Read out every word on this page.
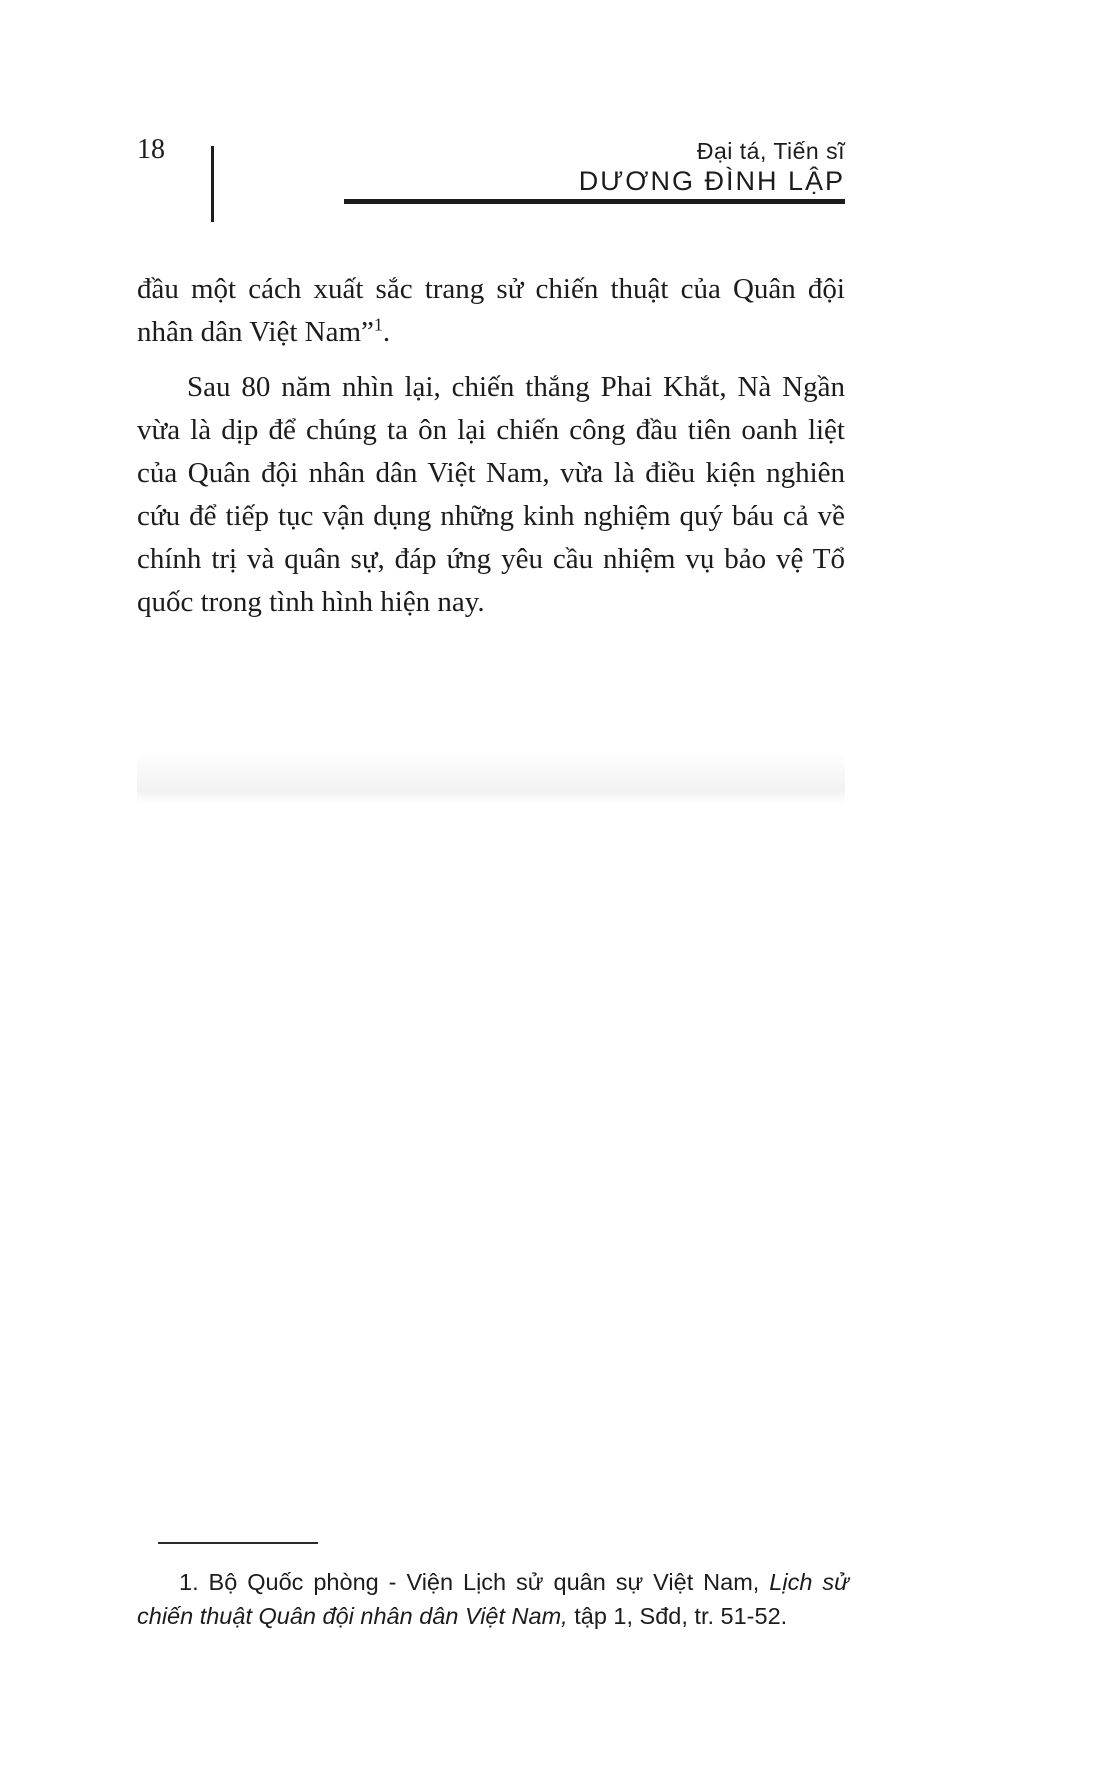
18	Đại tá, Tiến sĩ
DƯƠNG ĐÌNH LẬP

đầu một cách xuất sắc trang sử chiến thuật của Quân đội nhân dân Việt Nam”$^1$.

Sau 80 năm nhìn lại, chiến thắng Phai Khắt, Nà Ngần vừa là dịp để chúng ta ôn lại chiến công đầu tiên oanh liệt của Quân đội nhân dân Việt Nam, vừa là điều kiện nghiên cứu để tiếp tục vận dụng những kinh nghiệm quý báu cả về chính trị và quân sự, đáp ứng yêu cầu nhiệm vụ bảo vệ Tổ quốc trong tình hình hiện nay.

1. Bộ Quốc phòng - Viện Lịch sử quân sự Việt Nam, Lịch sử chiến thuật Quân đội nhân dân Việt Nam, tập 1, Sđd, tr. 51-52.
